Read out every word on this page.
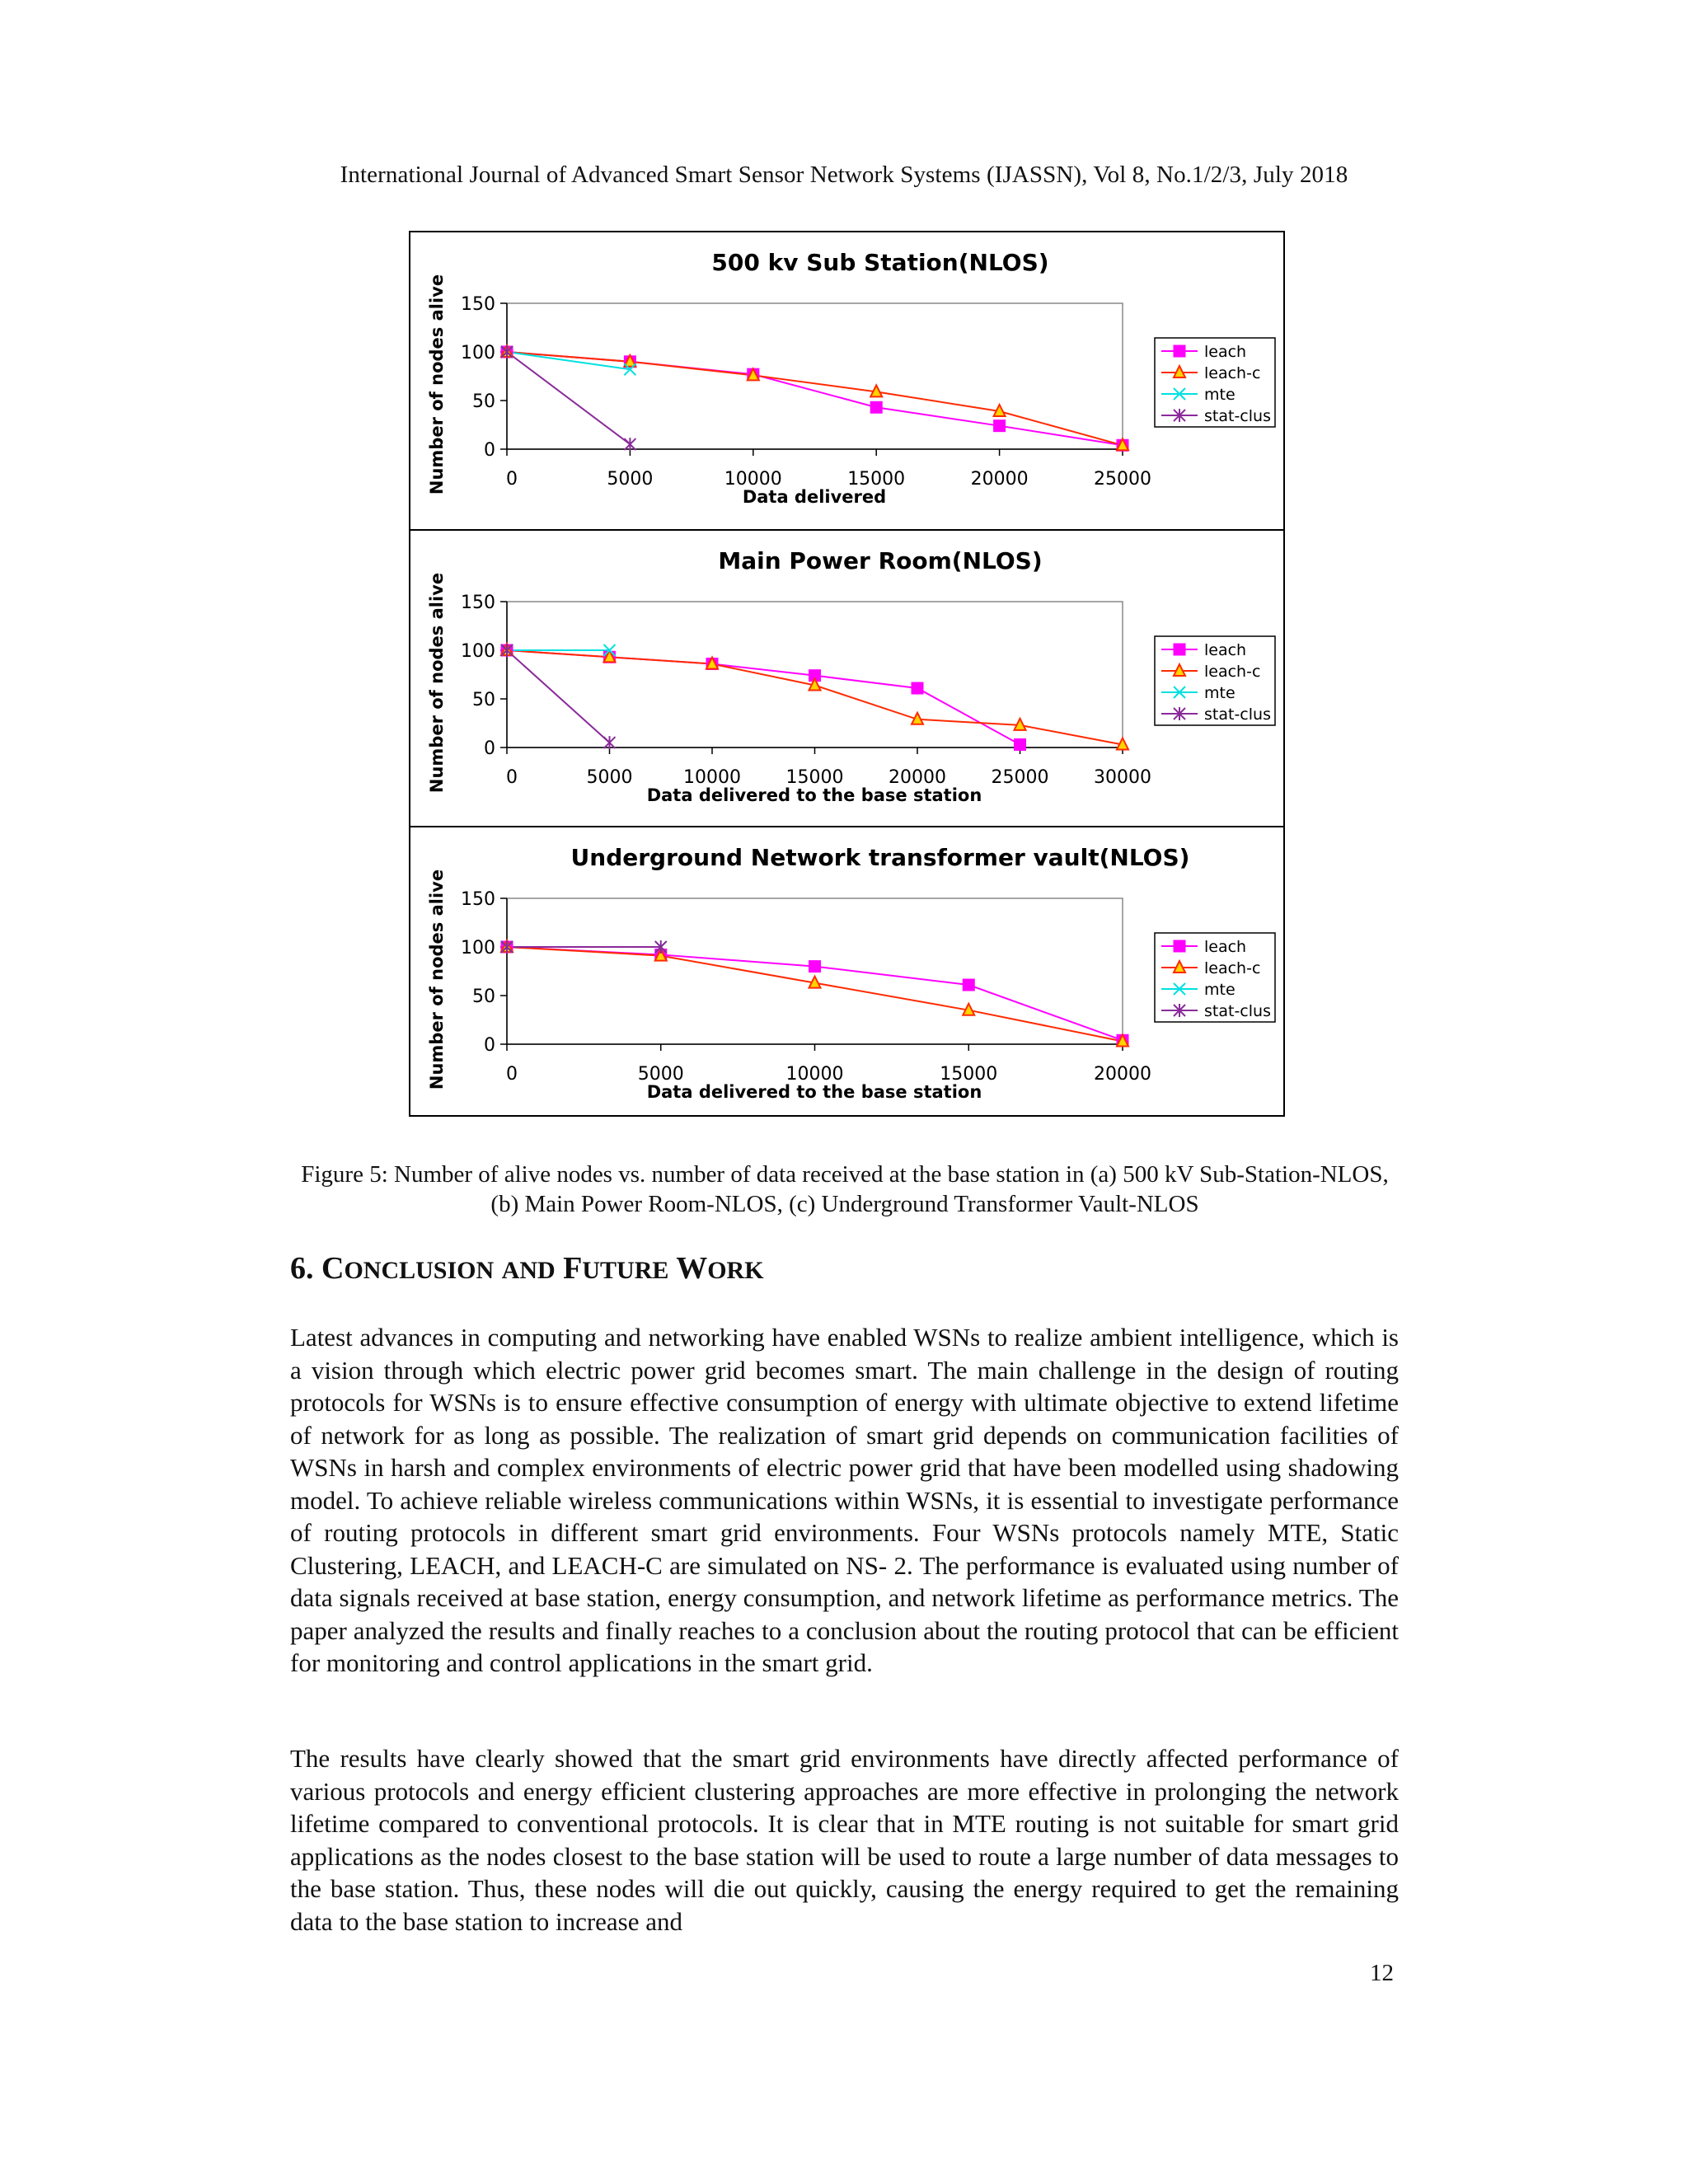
International Journal of Advanced Smart Sensor Network Systems (IJASSN), Vol 8, No.1/2/3, July 2018
500 kv Sub Station(NLOS)
0
50
100
150
0	5000	10000	15000	20000	25000
Data delivered
Number of nodes alive	leach
leach-c
mte
stat-clus
Main Power Room(NLOS)
0
50
100
150
0	5000	10000 15000 20000 25000 30000
Data delivered to the base station
Number of nodes alive	leach
leach-c
mte
stat-clus
Underground Network transformer vault(NLOS)
0
50
100
150
0	5000	10000	15000	20000
Data delivered to the base station
Number of nodes alive	leach
leach-c
mte
stat-clus
Figure 5: Number of alive nodes vs. number of data received at the base station in (a) 500 kV Sub-Station-NLOS, (b) Main Power Room-NLOS, (c) Underground Transformer Vault-NLOS
6. CONCLUSION AND FUTURE WORK
Latest advances in computing and networking have enabled WSNs to realize ambient intelligence, which is a vision through which electric power grid becomes smart. The main challenge in the design of routing protocols for WSNs is to ensure effective consumption of energy with ultimate objective to extend lifetime of network for as long as possible. The realization of smart grid depends on communication facilities of WSNs in harsh and complex environments of electric power grid that have been modelled using shadowing model. To achieve reliable wireless communications within WSNs, it is essential to investigate performance of routing protocols in different smart grid environments. Four WSNs protocols namely MTE, Static Clustering, LEACH, and LEACH-C are simulated on NS- 2. The performance is evaluated using number of data signals received at base station, energy consumption, and network lifetime as performance metrics. The paper analyzed the results and finally reaches to a conclusion about the routing protocol that can be efficient for monitoring and control applications in the smart grid.
The results have clearly showed that the smart grid environments have directly affected performance of various protocols and energy efficient clustering approaches are more effective in prolonging the network lifetime compared to conventional protocols. It is clear that in MTE routing is not suitable for smart grid applications as the nodes closest to the base station will be used to route a large number of data messages to the base station. Thus, these nodes will die out quickly, causing the energy required to get the remaining data to the base station to increase and
12
